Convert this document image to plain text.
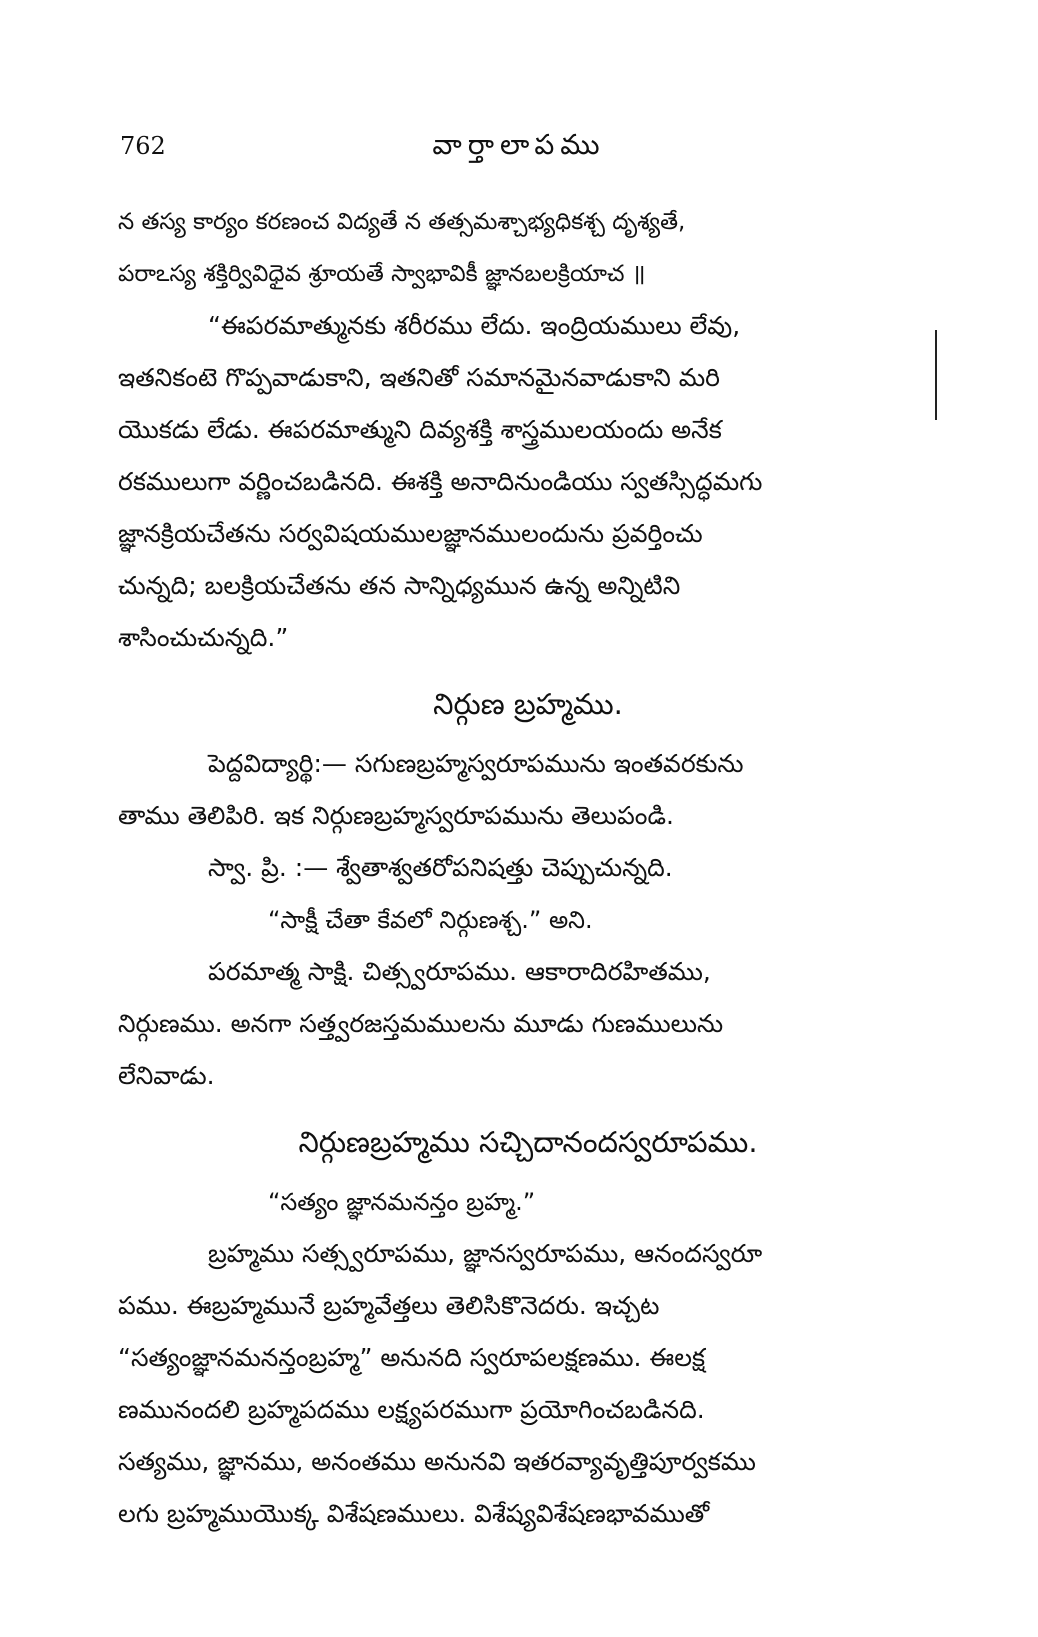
762	వార్తాలాపము
న తస్య కార్యం కరణంచ విద్యతే న తత్సమశ్చాభ్యధికశ్చ దృశ్యతే,
పరాఽస్య శక్తిర్వివిధైవ శ్రూయతే స్వాభావికీ జ్ఞానబలక్రియాచ ॥
“ఈపరమాత్మునకు శరీరము లేదు. ఇంద్రియములు లేవు,
ఇతనికంటె గొప్పవాడుకాని, ఇతనితో సమానమైనవాడుకాని మరి
యొకడు లేడు. ఈపరమాత్ముని దివ్యశక్తి శాస్త్రములయందు అనేక
రకములుగా వర్ణించబడినది. ఈశక్తి అనాదినుండియు స్వతస్సిద్ధమగు
జ్ఞానక్రియచేతను సర్వవిషయములజ్ఞానములందును ప్రవర్తించు
చున్నది; బలక్రియచేతను తన సాన్నిధ్యమున ఉన్న అన్నిటిని
శాసించుచున్నది.”
నిర్గుణ బ్రహ్మము.
పెద్దవిద్యార్థి:— సగుణబ్రహ్మస్వరూపమును ఇంతవరకును
తాము తెలిపిరి. ఇక నిర్గుణబ్రహ్మస్వరూపమును తెలుపండి.
స్వా. ప్రి. :— శ్వేతాశ్వతరోపనిషత్తు చెప్పుచున్నది.
“సాక్షీ చేతా కేవలో నిర్గుణశ్చ.” అని.
పరమాత్మ సాక్షి. చిత్స్వరూపము. ఆకారాదిరహితము,
నిర్గుణము. అనగా సత్త్వరజస్తమములను మూడు గుణములును
లేనివాడు.
నిర్గుణబ్రహ్మము సచ్చిదానందస్వరూపము.
“సత్యం జ్ఞానమనన్తం బ్రహ్మ.”
బ్రహ్మము సత్స్వరూపము, జ్ఞానస్వరూపము, ఆనందస్వరూ
పము. ఈబ్రహ్మమునే బ్రహ్మవేత్తలు తెలిసికొనెదరు. ఇచ్చట
“సత్యంజ్ఞానమనన్తంబ్రహ్మ” అనునది స్వరూపలక్షణము. ఈలక్ష
ణమునందలి బ్రహ్మపదము లక్ష్యపరముగా ప్రయోగించబడినది.
సత్యము, జ్ఞానము, అనంతము అనునవి ఇతరవ్యావృత్తిపూర్వకము
లగు బ్రహ్మముయొక్క విశేషణములు. విశేష్యవిశేషణభావముతో
